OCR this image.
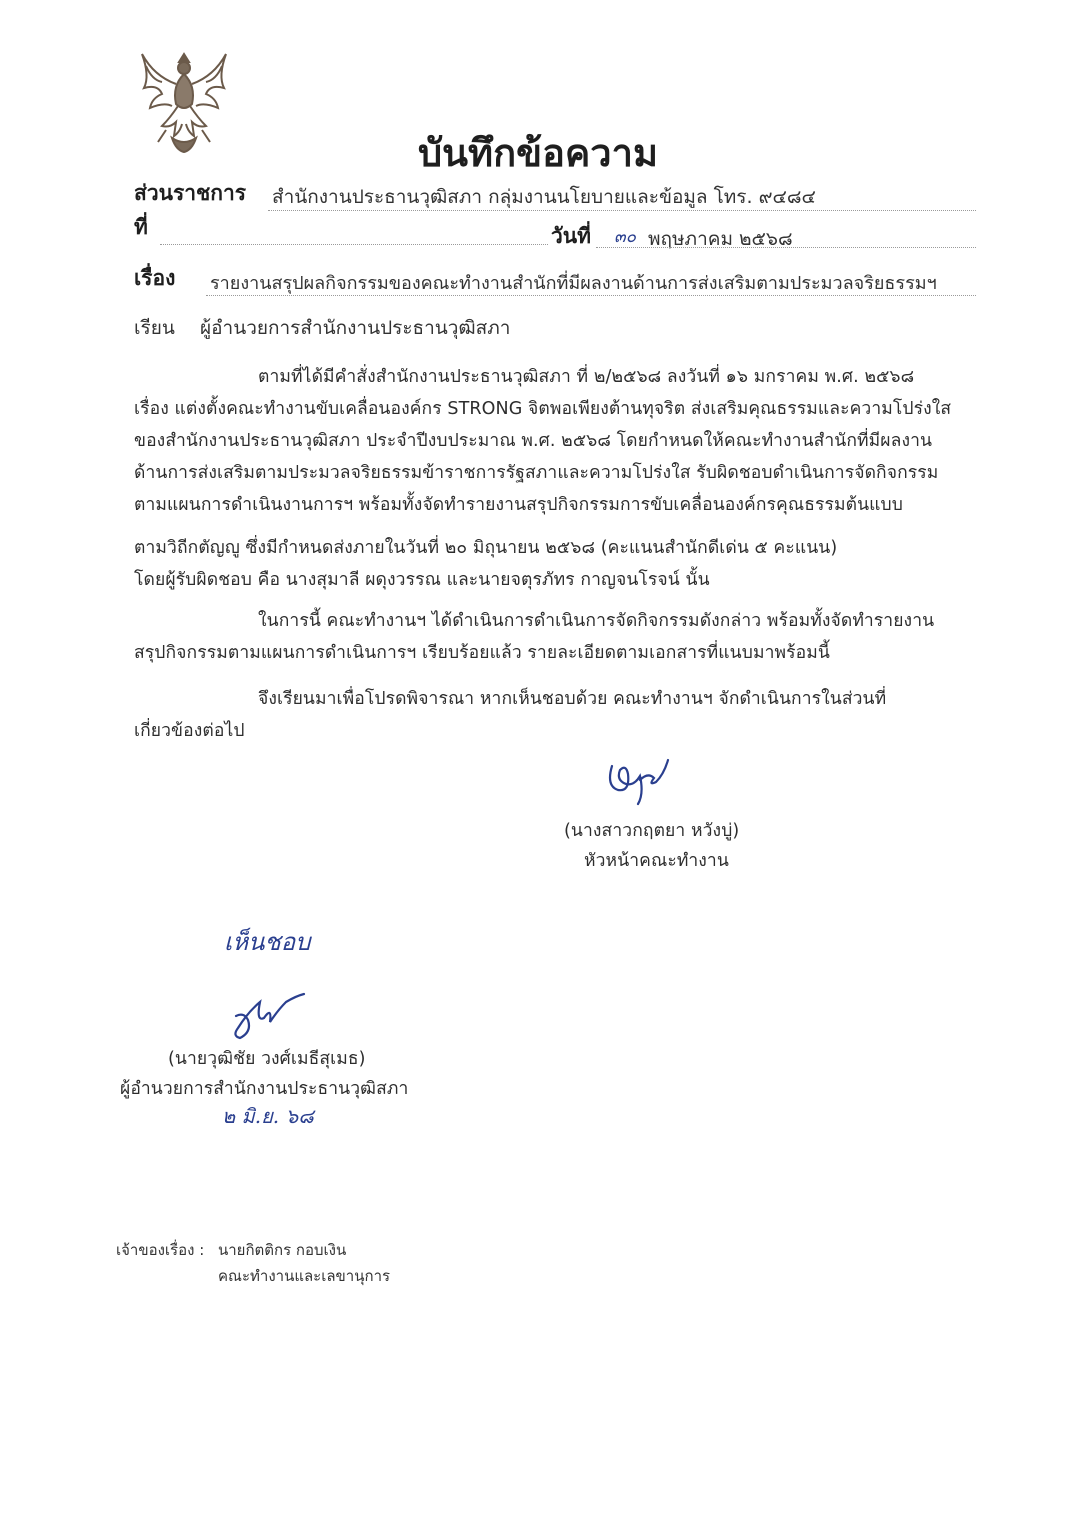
บันทึกข้อความ
ส่วนราชการ สำนักงานประธานวุฒิสภา กลุ่มงานนโยบายและข้อมูล โทร. ๙๔๘๔
ที่	วันที่ ๓๐ พฤษภาคม ๒๕๖๘
เรื่อง รายงานสรุปผลกิจกรรมของคณะทำงานสำนักที่มีผลงานด้านการส่งเสริมตามประมวลจริยธรรมฯ
เรียน ผู้อำนวยการสำนักงานประธานวุฒิสภา
ตามที่ได้มีคำสั่งสำนักงานประธานวุฒิสภา ที่ ๒/๒๕๖๘ ลงวันที่ ๑๖ มกราคม พ.ศ. ๒๕๖๘
เรื่อง แต่งตั้งคณะทำงานขับเคลื่อนองค์กร STRONG จิตพอเพียงต้านทุจริต ส่งเสริมคุณธรรมและความโปร่งใส
ของสำนักงานประธานวุฒิสภา ประจำปีงบประมาณ พ.ศ. ๒๕๖๘ โดยกำหนดให้คณะทำงานสำนักที่มีผลงาน
ด้านการส่งเสริมตามประมวลจริยธรรมข้าราชการรัฐสภาและความโปร่งใส รับผิดชอบดำเนินการจัดกิจกรรม
ตามแผนการดำเนินงานการฯ พร้อมทั้งจัดทำรายงานสรุปกิจกรรมการขับเคลื่อนองค์กรคุณธรรมต้นแบบ
ตามวิถีกตัญญู ซึ่งมีกำหนดส่งภายในวันที่ ๒๐ มิถุนายน ๒๕๖๘ (คะแนนสำนักดีเด่น ๕ คะแนน)
โดยผู้รับผิดชอบ คือ นางสุมาลี ผดุงวรรณ และนายจตุรภัทร กาญจนโรจน์ นั้น
ในการนี้ คณะทำงานฯ ได้ดำเนินการดำเนินการจัดกิจกรรมดังกล่าว พร้อมทั้งจัดทำรายงาน
สรุปกิจกรรมตามแผนการดำเนินการฯ เรียบร้อยแล้ว รายละเอียดตามเอกสารที่แนบมาพร้อมนี้
จึงเรียนมาเพื่อโปรดพิจารณา หากเห็นชอบด้วย คณะทำงานฯ จักดำเนินการในส่วนที่
เกี่ยวข้องต่อไป
(นางสาวกฤตยา หวังบู่)
หัวหน้าคณะทำงาน
เห็นชอบ
(นายวุฒิชัย วงศ์เมธีสุเมธ)
ผู้อำนวยการสำนักงานประธานวุฒิสภา
๒ มิ.ย. ๖๘
เจ้าของเรื่อง : นายกิตติกร กอบเงิน
คณะทำงานและเลขานุการ
